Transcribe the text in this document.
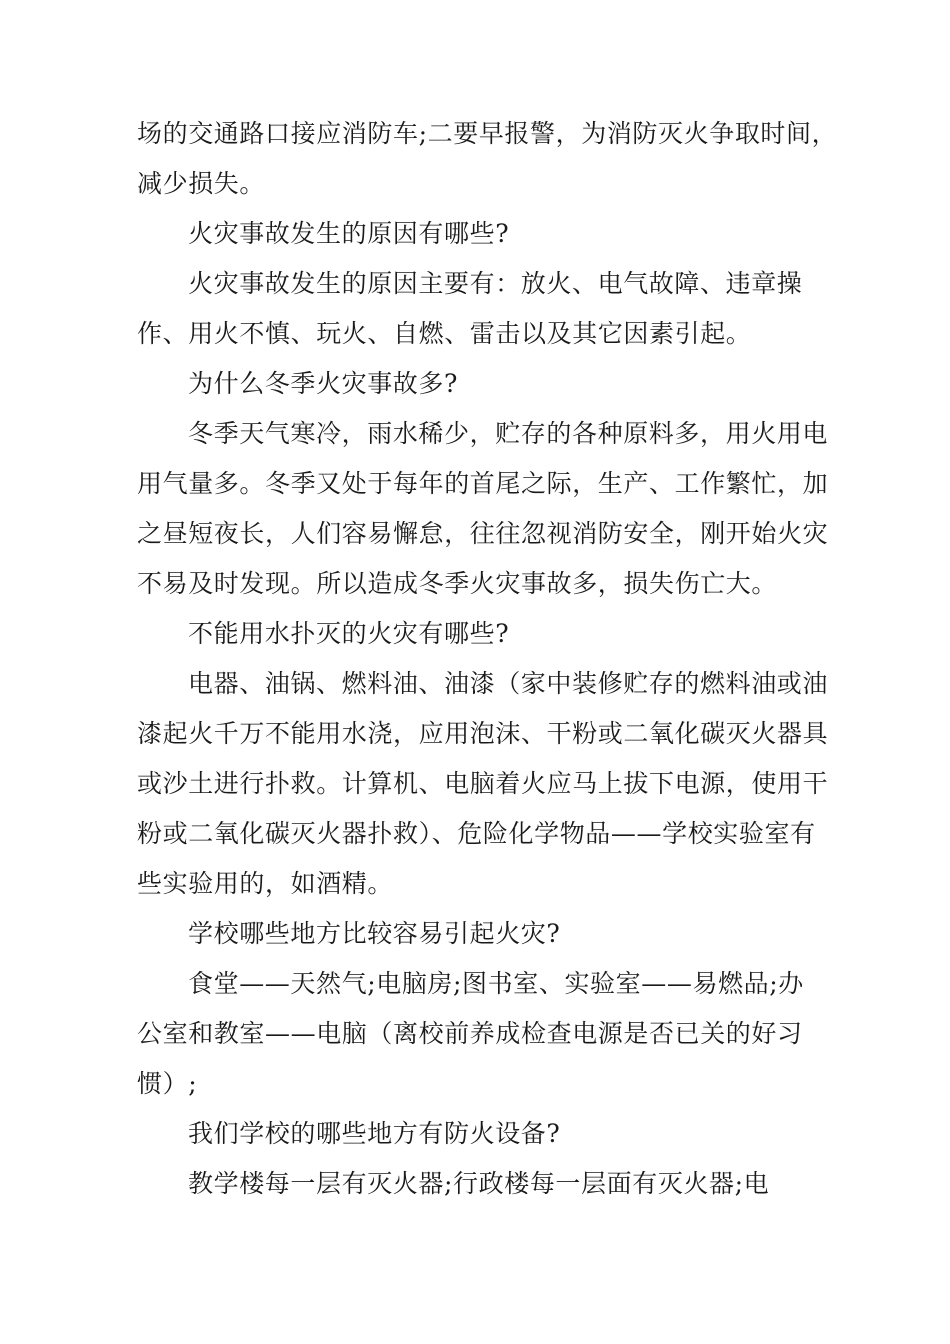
场的交通路口接应消防车;二要早报警，为消防灭火争取时间，
减少损失。
火灾事故发生的原因有哪些?
火灾事故发生的原因主要有：放火、电气故障、违章操
作、用火不慎、玩火、自燃、雷击以及其它因素引起。
为什么冬季火灾事故多?
冬季天气寒冷，雨水稀少，贮存的各种原料多，用火用电
用气量多。冬季又处于每年的首尾之际，生产、工作繁忙，加
之昼短夜长，人们容易懈怠，往往忽视消防安全，刚开始火灾
不易及时发现。所以造成冬季火灾事故多，损失伤亡大。
不能用水扑灭的火灾有哪些?
电器、油锅、燃料油、油漆（家中装修贮存的燃料油或油
漆起火千万不能用水浇，应用泡沫、干粉或二氧化碳灭火器具
或沙土进行扑救。计算机、电脑着火应马上拔下电源，使用干
粉或二氧化碳灭火器扑救）、危险化学物品——学校实验室有
些实验用的，如酒精。
学校哪些地方比较容易引起火灾?
食堂——天然气;电脑房;图书室、实验室——易燃品;办
公室和教室——电脑（离校前养成检查电源是否已关的好习
惯）;
我们学校的哪些地方有防火设备?
教学楼每一层有灭火器;行政楼每一层面有灭火器;电
